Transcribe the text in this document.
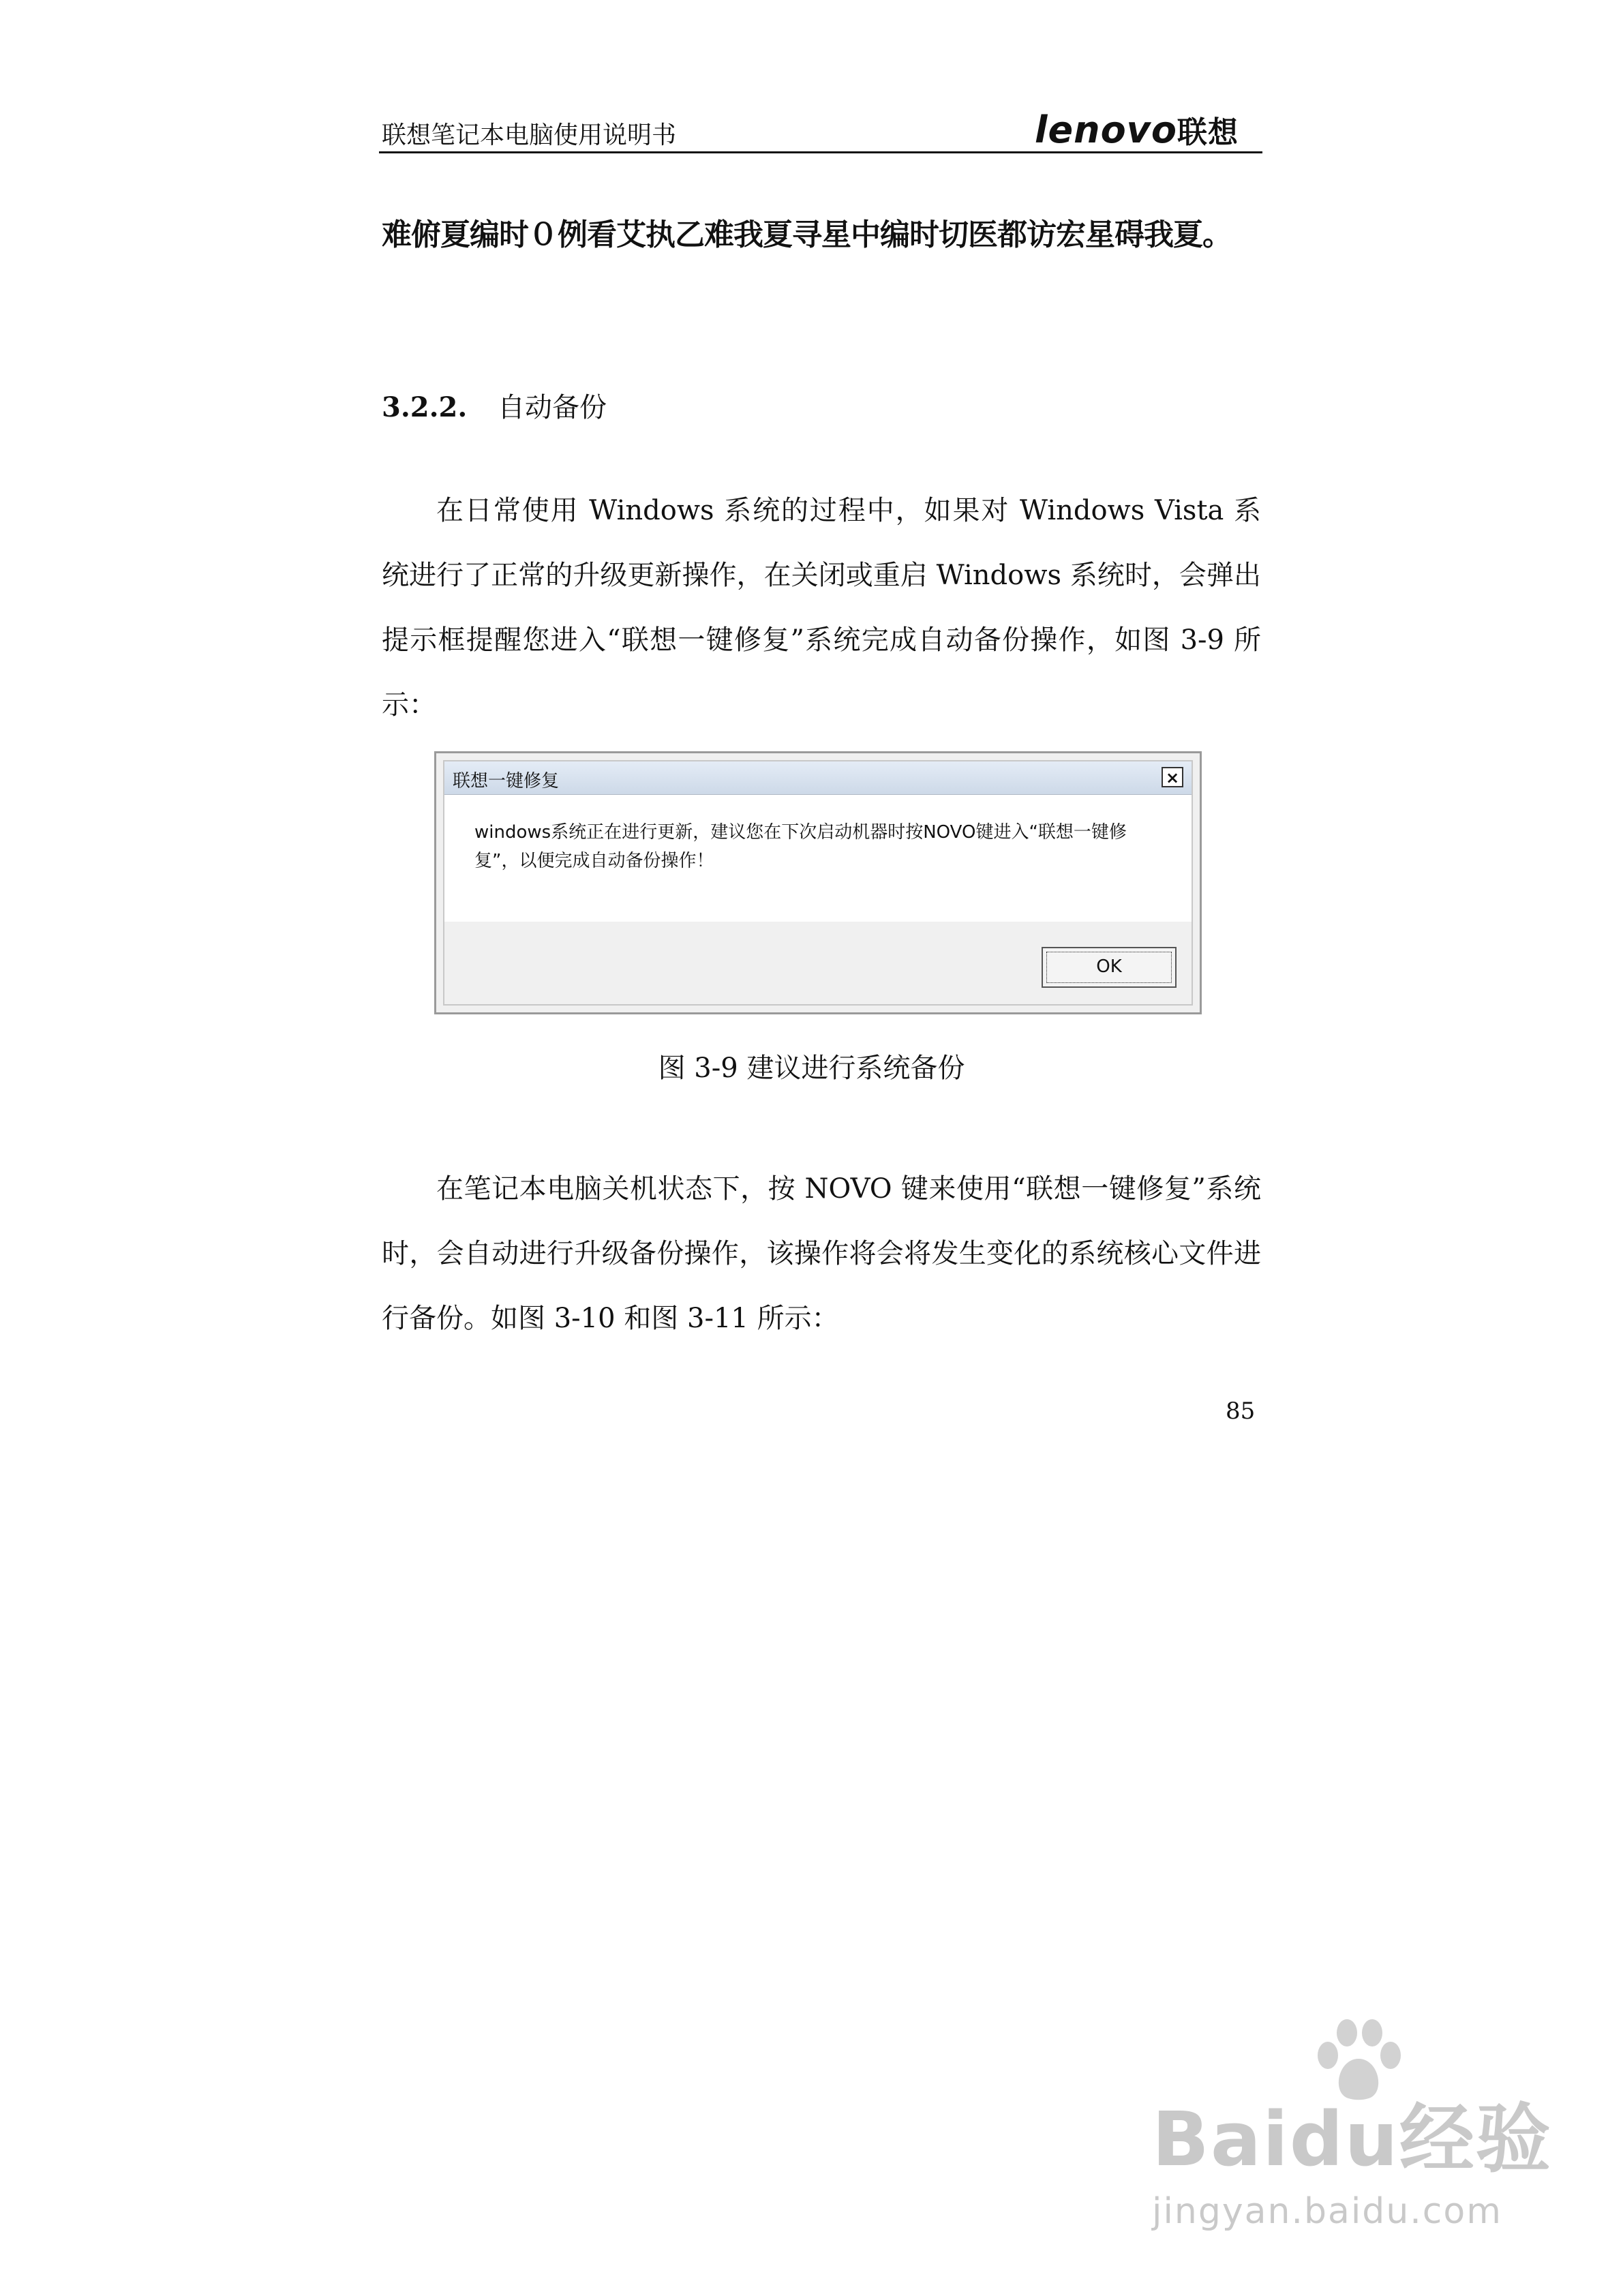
联想笔记本电脑使用说明书	lenovo联想
难俯夏编时０例看艾执乙难我夏寻星中编时切医都访宏星碍我夏。
3.2.2. 自动备份

在日常使用 Windows 系统的过程中，如果对 Windows Vista 系统进行了正常的升级更新操作，在关闭或重启 Windows 系统时，会弹出提示框提醒您进入“联想一键修复”系统完成自动备份操作，如图 3-9 所示：

联想一键修复	×
windows系统正在进行更新，建议您在下次启动机器时按NOVO键进入“联想一键修复”，以便完成自动备份操作！
OK
图 3-9 建议进行系统备份

在笔记本电脑关机状态下，按 NOVO 键来使用“联想一键修复”系统时，会自动进行升级备份操作，该操作将会将发生变化的系统核心文件进行备份。如图 3-10 和图 3-11 所示：

85
Baidu经验
jingyan.baidu.com
